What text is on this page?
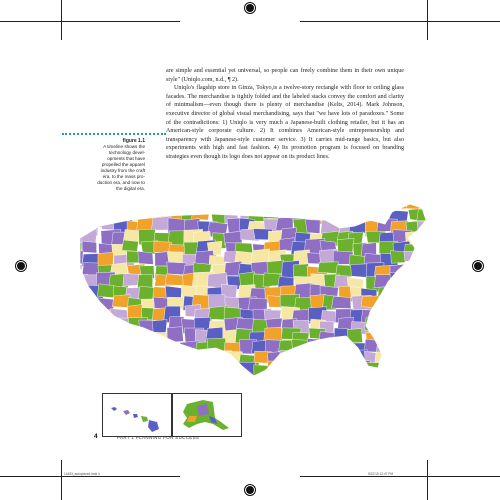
are simple and essential yet universal, so people can freely combine them in their own unique style" (Uniqlo.com, n.d., ¶ 2).

Uniqlo's flagship store in Ginza, Tokyo,is a twelve-story rectangle with floor to ceiling glass facades. The merchandise is tightly folded and the labeled stacks convey the comfort and clarity of minimalism—even though there is plenty of merchandise (Kelts, 2014). Mark Johnson, executive director of global visual merchandising, says that "we have lots of paradoxes." Some of the contradictions: 1) Uniqlo is very much a Japanese-built clothing retailer, but it has an American-style corporate culture. 2) It combines American-style entrepreneurship and transparency with Japanese-style customer service. 3) It carries mid-range basics, but also experiments with high and fast fashion. 4) Its promotion program is focused on branding strategies even though its logo does not appear on its product lines.

figure 1.1
A timeline shows the technology devel-opments that have propelled the apparel industry from the craft era, to the mass pro-duction era, and now to the digital era.
4	PART 1 PLANNING FOR SUCCESS
14453_autoplaced.indd 4	9/22/15 12:47 PM
